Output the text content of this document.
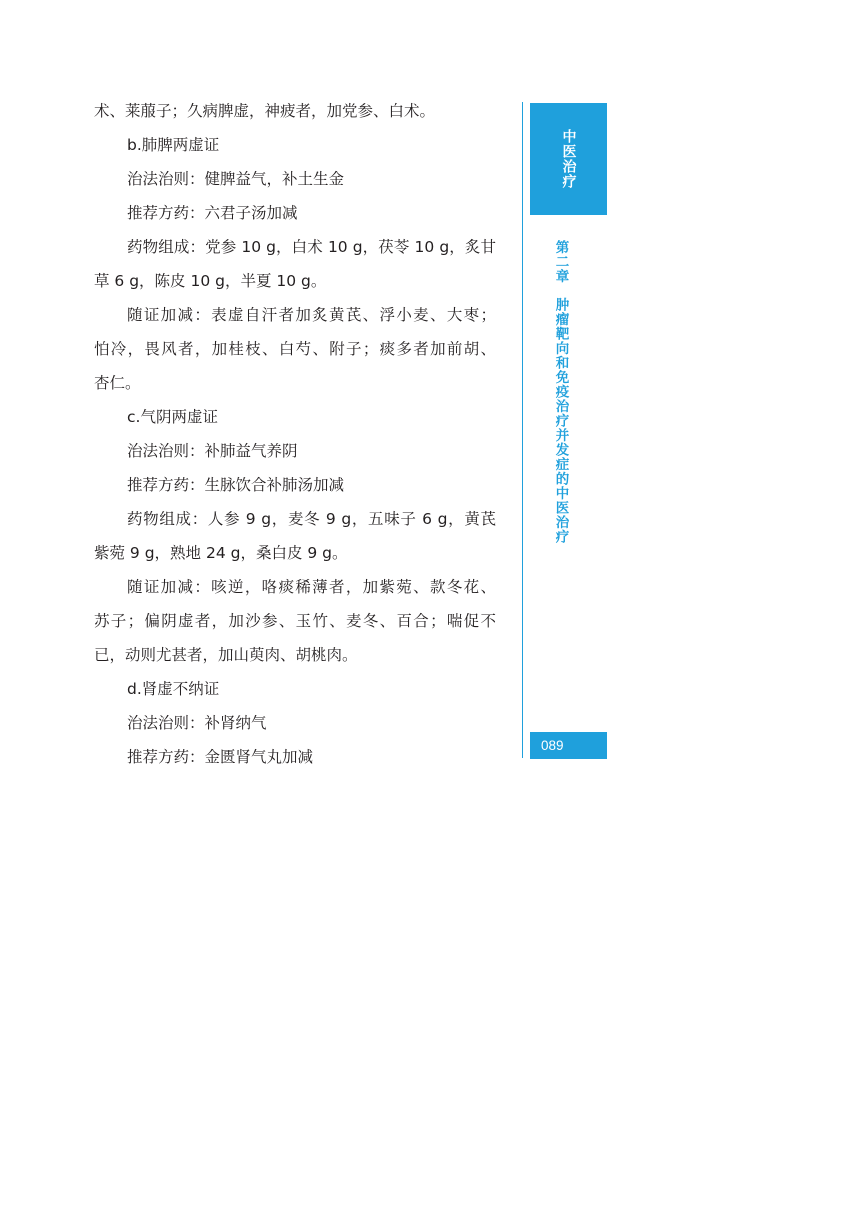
术、莱菔子；久病脾虚，神疲者，加党参、白术。
b.肺脾两虚证
治法治则：健脾益气，补土生金
推荐方药：六君子汤加减
药物组成：党参 10 g，白术 10 g，茯苓 10 g，炙甘
草 6 g，陈皮 10 g，半夏 10 g。
随证加减：表虚自汗者加炙黄芪、浮小麦、大枣；
怕冷，畏风者，加桂枝、白芍、附子；痰多者加前胡、
杏仁。
c.气阴两虚证
治法治则：补肺益气养阴
推荐方药：生脉饮合补肺汤加减
药物组成：人参 9 g，麦冬 9 g，五味子 6 g，黄芪
紫菀 9 g，熟地 24 g，桑白皮 9 g。
随证加减：咳逆，咯痰稀薄者，加紫菀、款冬花、
苏子；偏阴虚者，加沙参、玉竹、麦冬、百合；喘促不
已，动则尤甚者，加山萸肉、胡桃肉。
d.肾虚不纳证
治法治则：补肾纳气
推荐方药：金匮肾气丸加减
中医治疗
第二章肿瘤靶向和免疫治疗并发症的中医治疗
089
